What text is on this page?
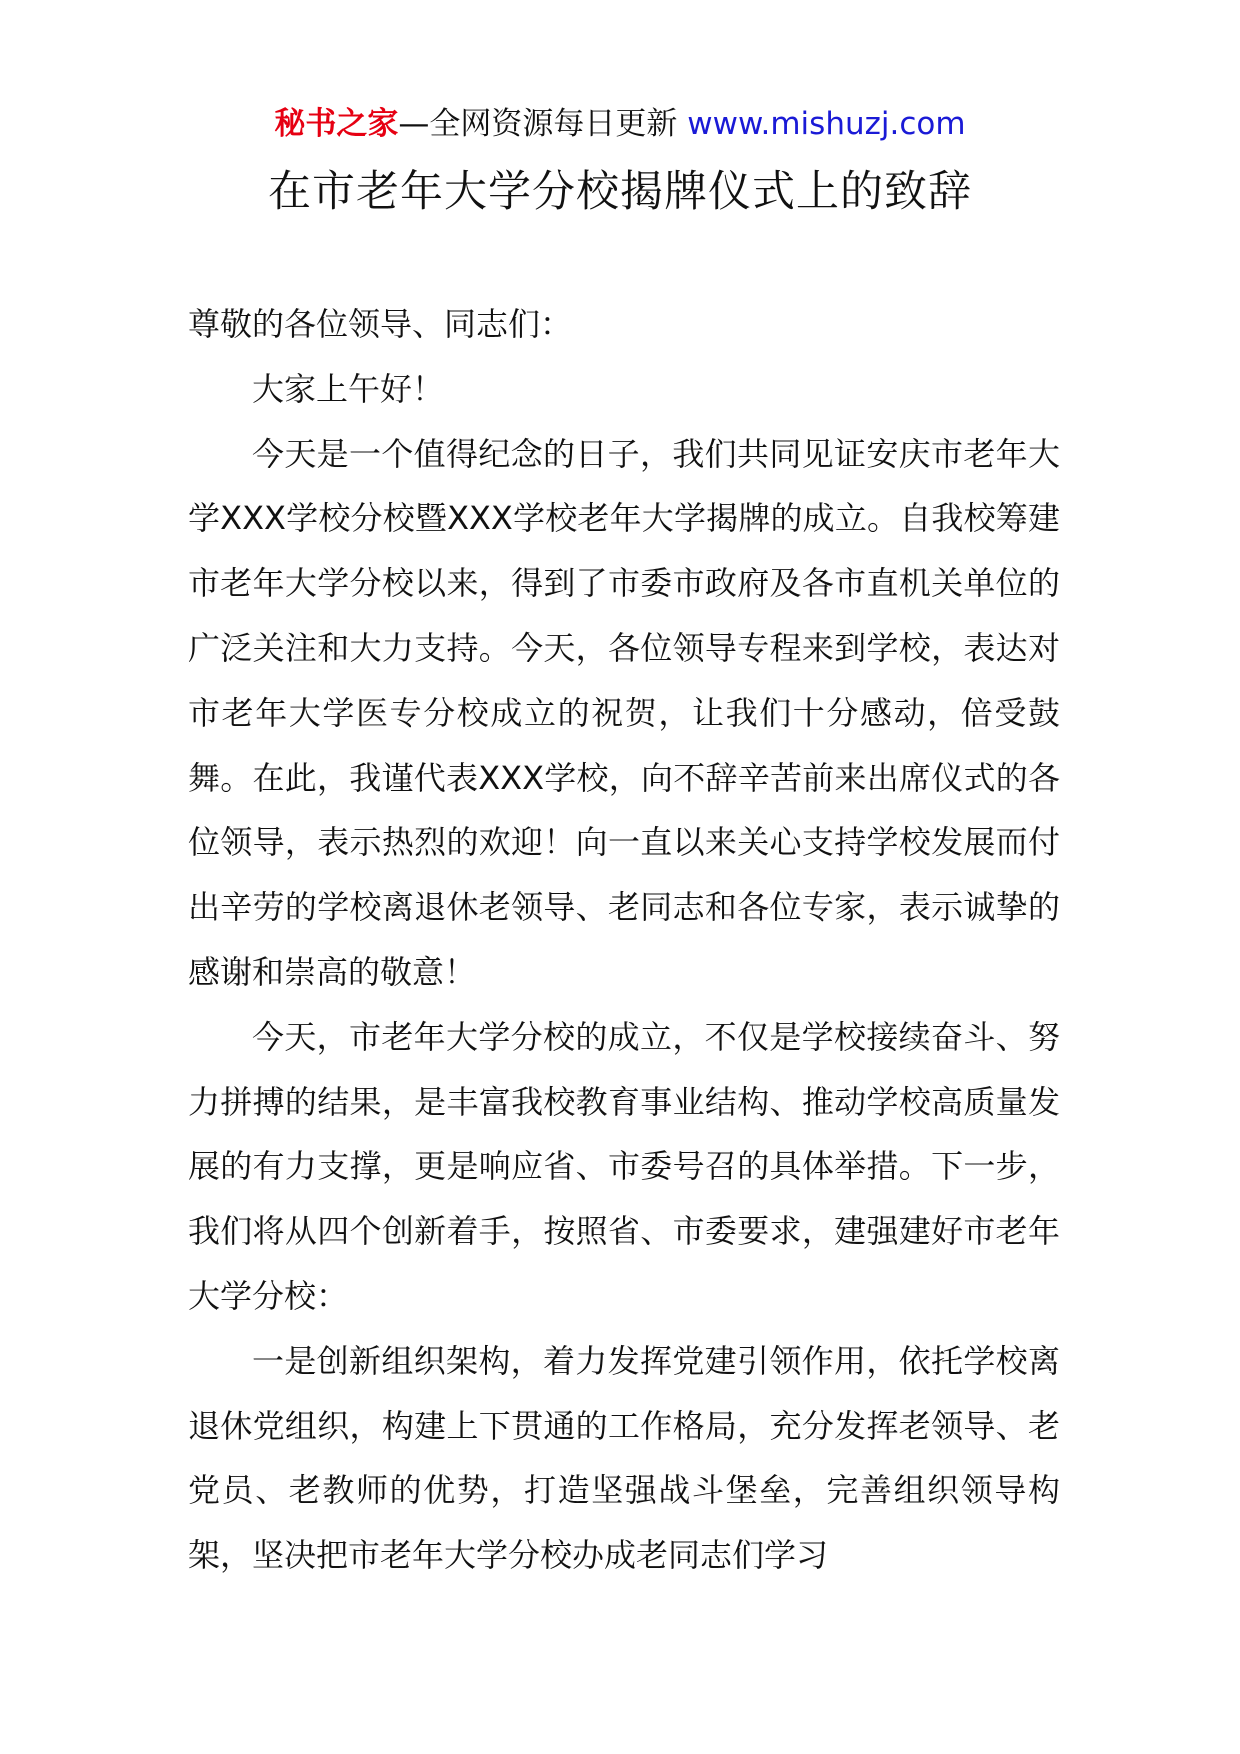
秘书之家—全网资源每日更新 www.mishuzj.com
在市老年大学分校揭牌仪式上的致辞

尊敬的各位领导、同志们：

大家上午好！

今天是一个值得纪念的日子，我们共同见证安庆市老年大学XXX学校分校暨XXX学校老年大学揭牌的成立。自我校筹建市老年大学分校以来，得到了市委市政府及各市直机关单位的广泛关注和大力支持。今天，各位领导专程来到学校，表达对市老年大学医专分校成立的祝贺，让我们十分感动，倍受鼓舞。在此，我谨代表XXX学校，向不辞辛苦前来出席仪式的各位领导，表示热烈的欢迎！向一直以来关心支持学校发展而付出辛劳的学校离退休老领导、老同志和各位专家，表示诚挚的感谢和崇高的敬意！

今天，市老年大学分校的成立，不仅是学校接续奋斗、努力拼搏的结果，是丰富我校教育事业结构、推动学校高质量发展的有力支撑，更是响应省、市委号召的具体举措。下一步，我们将从四个创新着手，按照省、市委要求，建强建好市老年大学分校：

一是创新组织架构，着力发挥党建引领作用，依托学校离退休党组织，构建上下贯通的工作格局，充分发挥老领导、老党员、老教师的优势，打造坚强战斗堡垒，完善组织领导构架，坚决把市老年大学分校办成老同志们学习
